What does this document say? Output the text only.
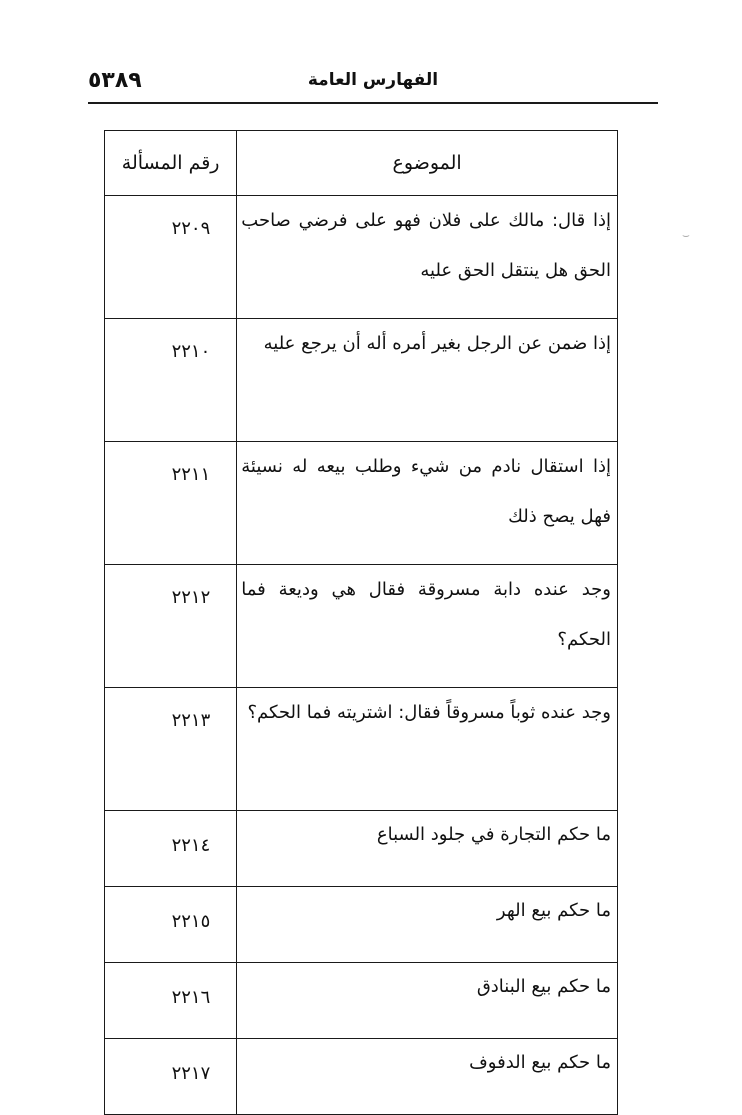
٥٣٨٩	الفهارس العامة
⌣
الموضوع	رقم المسألة
إذا قال: مالك على فلان فهو على فرضي صاحب الحق هل ينتقل الحق عليه	٢٢٠٩
إذا ضمن عن الرجل بغير أمره أله أن يرجع عليه	٢٢١٠
إذا استقال نادم من شيء وطلب بيعه له نسيئة فهل يصح ذلك	٢٢١١
وجد عنده دابة مسروقة فقال هي وديعة فما الحكم؟	٢٢١٢
وجد عنده ثوباً مسروقاً فقال: اشتريته فما الحكم؟	٢٢١٣
ما حكم التجارة في جلود السباع	٢٢١٤
ما حكم بيع الهر	٢٢١٥
ما حكم بيع البنادق	٢٢١٦
ما حكم بيع الدفوف	٢٢١٧
